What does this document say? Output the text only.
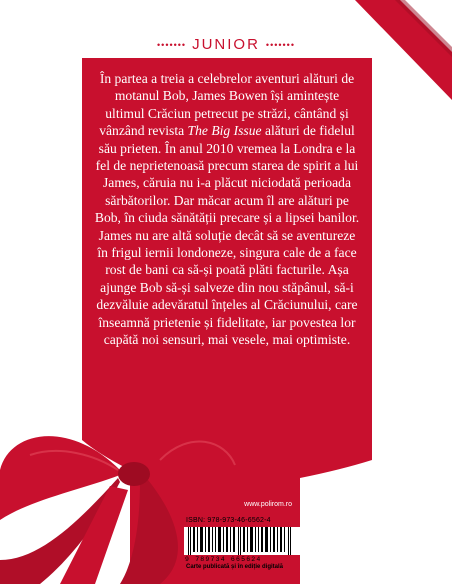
••••••• JUNIOR •••••••

În partea a treia a celebrelor aventuri alături de motanul Bob, James Bowen își amintește ultimul Crăciun petrecut pe străzi, cântând și vânzând revista The Big Issue alături de fidelul său prieten. În anul 2010 vremea la Londra e la fel de neprietenoasă precum starea de spirit a lui James, căruia nu i-a plăcut niciodată perioada sărbătorilor. Dar măcar acum îl are alături pe Bob, în ciuda sănătății precare și a lipsei banilor. James nu are altă soluție decât să se aventureze în frigul iernii londoneze, singura cale de a face rost de bani ca să-și poată plăti facturile. Așa ajunge Bob să-și salveze din nou stăpânul, să-i dezvăluie adevăratul înțeles al Crăciunului, care înseamnă prietenie și fidelitate, iar povestea lor capătă noi sensuri, mai vesele, mai optimiste.

www.polirom.ro
ISBN: 978-973-46-6562-4
9 789734 665624
Carte publicată și în ediție digitală
